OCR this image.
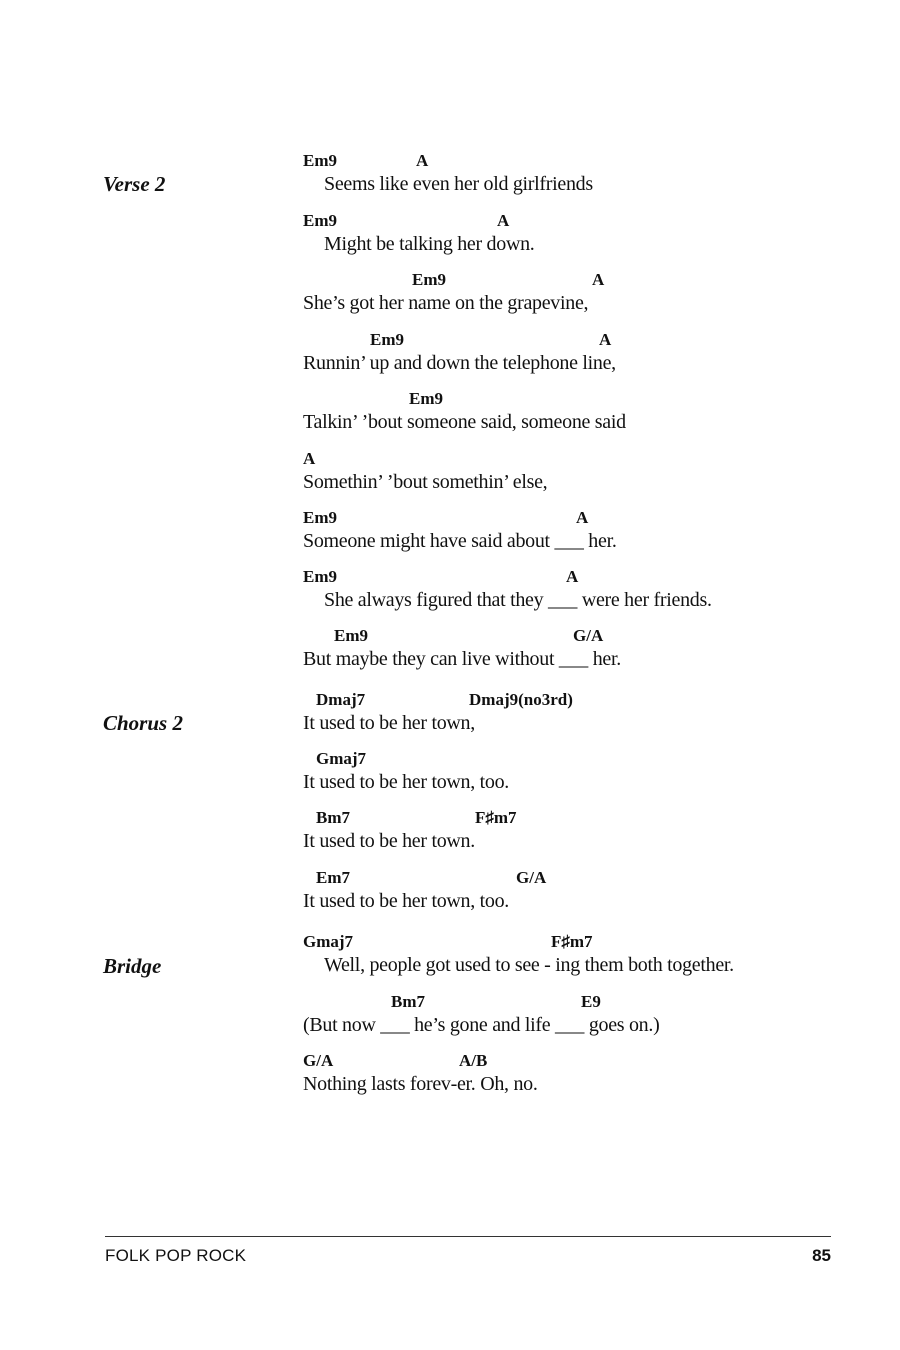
Verse 2
Chorus 2
Bridge
Em9	A
Seems like even her old girlfriends
Em9	A
Might be talking her down.
Em9	A
She’s got her name on the grapevine,
Em9	A
Runnin’ up and down the telephone line,
Em9
Talkin’ ’bout someone said, someone said
A
Somethin’ ’bout somethin’ else,
Em9	A
Someone might have said about ___ her.
Em9	A
She always figured that they ___ were her friends.
Em9	G/A
But maybe they can live without ___ her.
Dmaj7	Dmaj9(no3rd)
It used to be her town,
Gmaj7
It used to be her town, too.
Bm7	F♯m7
It used to be her town.
Em7	G/A
It used to be her town, too.
Gmaj7	F♯m7
Well, people got used to see - ing them both together.
Bm7	E9
(But now ___ he’s gone and life ___ goes on.)
G/A	A/B
Nothing lasts forev-er. Oh, no.
FOLK POP ROCK	85
